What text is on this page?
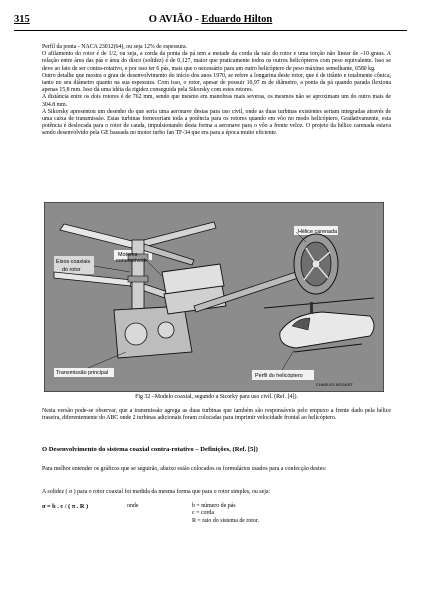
315	O AVIÃO - Eduardo Hilton

Perfil da ponta - NACA 23012(64), ou seja 12% de espessura.

O afilamento do rotor é de 1/2, ou seja, a corda da ponta da pá tem a metade da corda da raiz do rotor e uma torção não linear de –10 graus. A relação entre área das pás e área do disco (solidez) é de 0,127, maior que praticamente todos os outros helicópteros com peso equivalente. Isso se deve ao fato de ser contra-rotativo, e por isso ter 6 pás, mais que o necessário para um outro helicóptero de peso máximo semelhante, 6580 kg.

Outro detalhe que mostra o grau de desenvolvimento do início dos anos 1970, se refere a longarina deste rotor, que é de titânio e totalmente cônica, tanto no seu diâmetro quanto na sua espessura. Com isso, o rotor, apesar de possuir 10,97 m de diâmetro, a ponta da pá quando parada flexiona apenas 15,8 mm. Isso dá uma idéia da rigidez conseguida pela Sikorsky com estes rotores.

A distância entre os dois rotores é de 762 mm, sendo que mesmo em manobras mais severas, os mesmos não se aproximam um do outro mais de 304.8 mm.

A Sikorsky apresentou um desenho do que seria uma aeronave destas para uso civil, onde as duas turbinas existentes seriam integradas através de uma caixa de transmissão. Estas turbinas forneceriam toda a potência para os rotores quando em vôo no modo helicóptero, Gradativamente, esta potência é deslocada para o rotor de cauda, impulsionando desta forma a aeronave para o vôo a frente veloz. O projeto da hélice carenada estava sendo desenvolvido pela GE baseada no motor turbo fan TF-34 que era para a época muito eficiente.

Motores
conversíveis
Hélice carenada
Eixos coaxiais
do rotor
Transmissão principal	Perfil do helicóptero
CHARLES BOGART
Fig 32 –Modelo coaxial, segundo a Sicorky para uso civil. (Ref. [4]).

Nesta versão pode-se observar, que a transmissão agrega as duas turbinas que também são responsáveis pelo empuxo a frente dado pela hélice traseira, diferentemente do ABC onde 2 turbinas adicionais foram colocadas para imprimir velocidade frontal ao helicóptero.

O Desenvolvimento do sistema coaxial contra-rotativo – Definições, (Ref. [5])
Para melhor entender os gráficos que se seguirão, abaixo estão colocados os formulários usados para a confecção destes:
A solidez ( σ ) para o rotor coaxial foi medida da mesma forma que para o rotor simples, ou seja:
σ = b . c / ( π . R )	onde	b = número de pás
c = corda
R = raio do sistema de rotor.
